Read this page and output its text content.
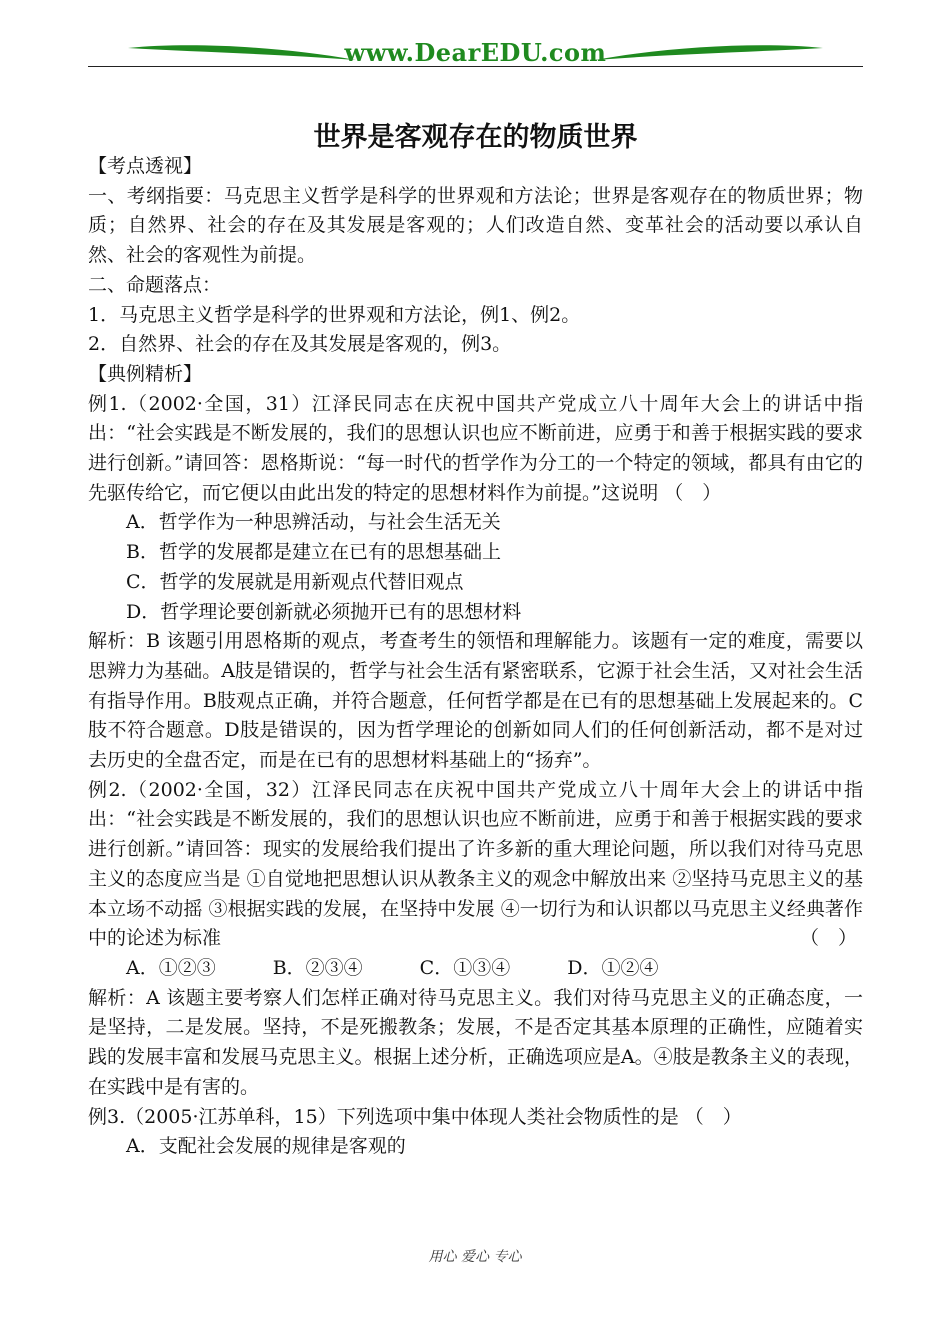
www.DearEDU.com
世界是客观存在的物质世界

【考点透视】

一、考纲指要：马克思主义哲学是科学的世界观和方法论；世界是客观存在的物质世界；物质；自然界、社会的存在及其发展是客观的；人们改造自然、变革社会的活动要以承认自然、社会的客观性为前提。

二、命题落点：

1．马克思主义哲学是科学的世界观和方法论，例1、例2。

2．自然界、社会的存在及其发展是客观的，例3。

【典例精析】

例1.（2002·全国，31）江泽民同志在庆祝中国共产党成立八十周年大会上的讲话中指出：“社会实践是不断发展的，我们的思想认识也应不断前进，应勇于和善于根据实践的要求进行创新。”请回答：恩格斯说：“每一时代的哲学作为分工的一个特定的领域，都具有由它的先驱传给它，而它便以由此出发的特定的思想材料作为前提。”这说明 （　）

A．哲学作为一种思辨活动，与社会生活无关

B．哲学的发展都是建立在已有的思想基础上

C．哲学的发展就是用新观点代替旧观点

D．哲学理论要创新就必须抛开已有的思想材料

解析：B 该题引用恩格斯的观点，考查考生的领悟和理解能力。该题有一定的难度，需要以思辨力为基础。A肢是错误的，哲学与社会生活有紧密联系，它源于社会生活，又对社会生活有指导作用。B肢观点正确，并符合题意，任何哲学都是在已有的思想基础上发展起来的。C肢不符合题意。D肢是错误的，因为哲学理论的创新如同人们的任何创新活动，都不是对过去历史的全盘否定，而是在已有的思想材料基础上的“扬弃”。

例2.（2002·全国，32）江泽民同志在庆祝中国共产党成立八十周年大会上的讲话中指出：“社会实践是不断发展的，我们的思想认识也应不断前进，应勇于和善于根据实践的要求进行创新。”请回答：现实的发展给我们提出了许多新的重大理论问题，所以我们对待马克思主义的态度应当是 ①自觉地把思想认识从教条主义的观念中解放出来 ②坚持马克思主义的基本立场不动摇 ③根据实践的发展，在坚持中发展 ④一切行为和认识都以马克思主义经典著作中的论述为标准	（　）

A．①②③　　　B．②③④　　　C．①③④　　　D．①②④

解析：A 该题主要考察人们怎样正确对待马克思主义。我们对待马克思主义的正确态度，一是坚持，二是发展。坚持，不是死搬教条；发展，不是否定其基本原理的正确性，应随着实践的发展丰富和发展马克思主义。根据上述分析，正确选项应是A。④肢是教条主义的表现，在实践中是有害的。

例3.（2005·江苏单科，15）下列选项中集中体现人类社会物质性的是 （　）

A．支配社会发展的规律是客观的

用心 爱心 专心
